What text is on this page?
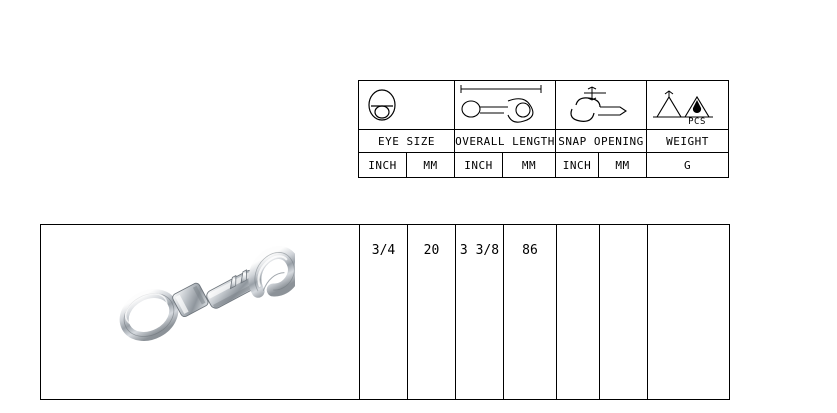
PCS

EYE SIZE		OVERALL LENGTH		SNAP OPENING		WEIGHT
INCH	MM	INCH	MM	INCH	MM	G
	3/4	20	3 3/8	86			
